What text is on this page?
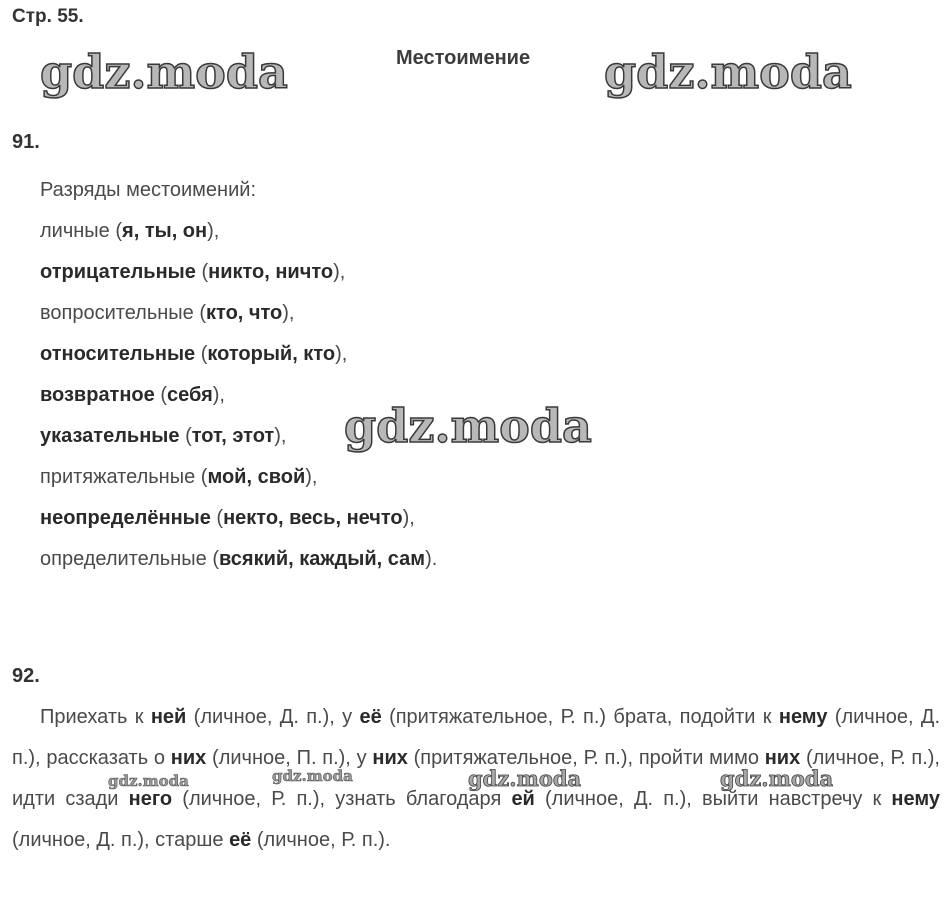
Стр. 55.
Местоимение
gdz.moda	gdz.moda
91.
Разряды местоимений:
личные (я, ты, он),
отрицательные (никто, ничто),
вопросительные (кто, что),
относительные (который, кто),
возвратное (себя),
указательные (тот, этот),
притяжательные (мой, свой),
неопределённые (некто, весь, нечто),
определительные (всякий, каждый, сам).
gdz.moda
92.
Приехать к ней (личное, Д. п.), у её (притяжательное, Р. п.) брата, подойти к нему (личное, Д. п.), рассказать о них (личное, П. п.), у них (притяжательное, Р. п.), пройти мимо них (личное, Р. п.), идти сзади него (личное, Р. п.), узнать благодаря ей (личное, Д. п.), выйти навстречу к нему (личное, Д. п.), старше её (личное, Р. п.).
gdz.moda	gdz.moda	gdz.moda	gdz.moda
